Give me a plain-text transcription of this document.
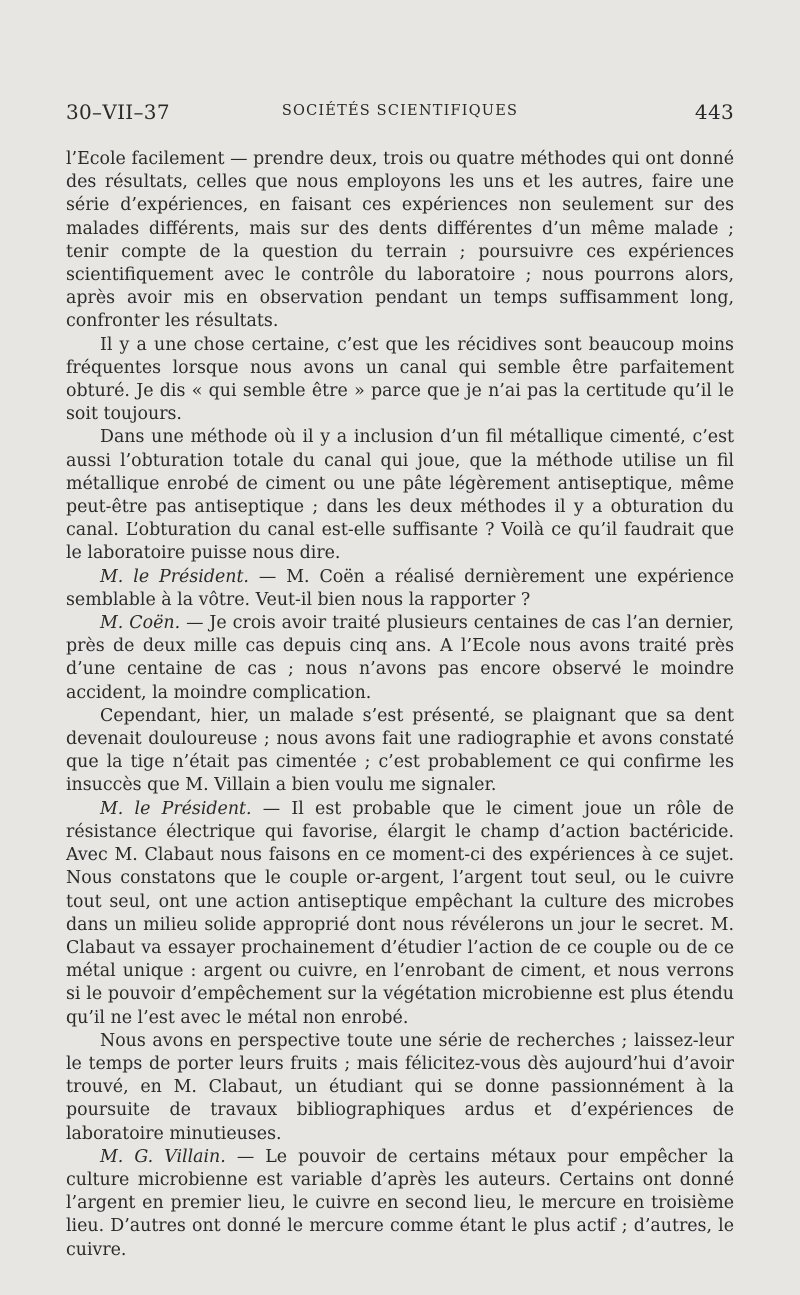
30–VII–37	SOCIÉTÉS SCIENTIFIQUES	443

l’Ecole facilement — prendre deux, trois ou quatre méthodes qui ont donné des résultats, celles que nous employons les uns et les autres, faire une série d’expériences, en faisant ces expériences non seulement sur des malades différents, mais sur des dents différentes d’un même malade ; tenir compte de la question du terrain ; poursuivre ces expériences scientifiquement avec le contrôle du laboratoire ; nous pourrons alors, après avoir mis en observation pendant un temps suffisamment long, confronter les résultats.

Il y a une chose certaine, c’est que les récidives sont beaucoup moins fréquentes lorsque nous avons un canal qui semble être parfaitement obturé. Je dis « qui semble être » parce que je n’ai pas la certitude qu’il le soit toujours.

Dans une méthode où il y a inclusion d’un fil métallique cimenté, c’est aussi l’obturation totale du canal qui joue, que la méthode utilise un fil métallique enrobé de ciment ou une pâte légèrement antiseptique, même peut-être pas antiseptique ; dans les deux méthodes il y a obturation du canal. L’obturation du canal est-elle suffisante ? Voilà ce qu’il faudrait que le laboratoire puisse nous dire.

M. le Président. — M. Coën a réalisé dernièrement une expérience semblable à la vôtre. Veut-il bien nous la rapporter ?

M. Coën. — Je crois avoir traité plusieurs centaines de cas l’an dernier, près de deux mille cas depuis cinq ans. A l’Ecole nous avons traité près d’une centaine de cas ; nous n’avons pas encore observé le moindre accident, la moindre complication.

Cependant, hier, un malade s’est présenté, se plaignant que sa dent devenait douloureuse ; nous avons fait une radiographie et avons constaté que la tige n’était pas cimentée ; c’est probablement ce qui confirme les insuccès que M. Villain a bien voulu me signaler.

M. le Président. — Il est probable que le ciment joue un rôle de résistance électrique qui favorise, élargit le champ d’action bactéricide. Avec M. Clabaut nous faisons en ce moment-ci des expériences à ce sujet. Nous constatons que le couple or-argent, l’argent tout seul, ou le cuivre tout seul, ont une action antiseptique empêchant la culture des microbes dans un milieu solide approprié dont nous révélerons un jour le secret. M. Clabaut va essayer prochainement d’étudier l’action de ce couple ou de ce métal unique : argent ou cuivre, en l’enrobant de ciment, et nous verrons si le pouvoir d’empêchement sur la végétation microbienne est plus étendu qu’il ne l’est avec le métal non enrobé.

Nous avons en perspective toute une série de recherches ; laissez-leur le temps de porter leurs fruits ; mais félicitez-vous dès aujourd’hui d’avoir trouvé, en M. Clabaut, un étudiant qui se donne passionnément à la poursuite de travaux bibliographiques ardus et d’expériences de laboratoire minutieuses.

M. G. Villain. — Le pouvoir de certains métaux pour empêcher la culture microbienne est variable d’après les auteurs. Certains ont donné l’argent en premier lieu, le cuivre en second lieu, le mercure en troisième lieu. D’autres ont donné le mercure comme étant le plus actif ; d’autres, le cuivre.
